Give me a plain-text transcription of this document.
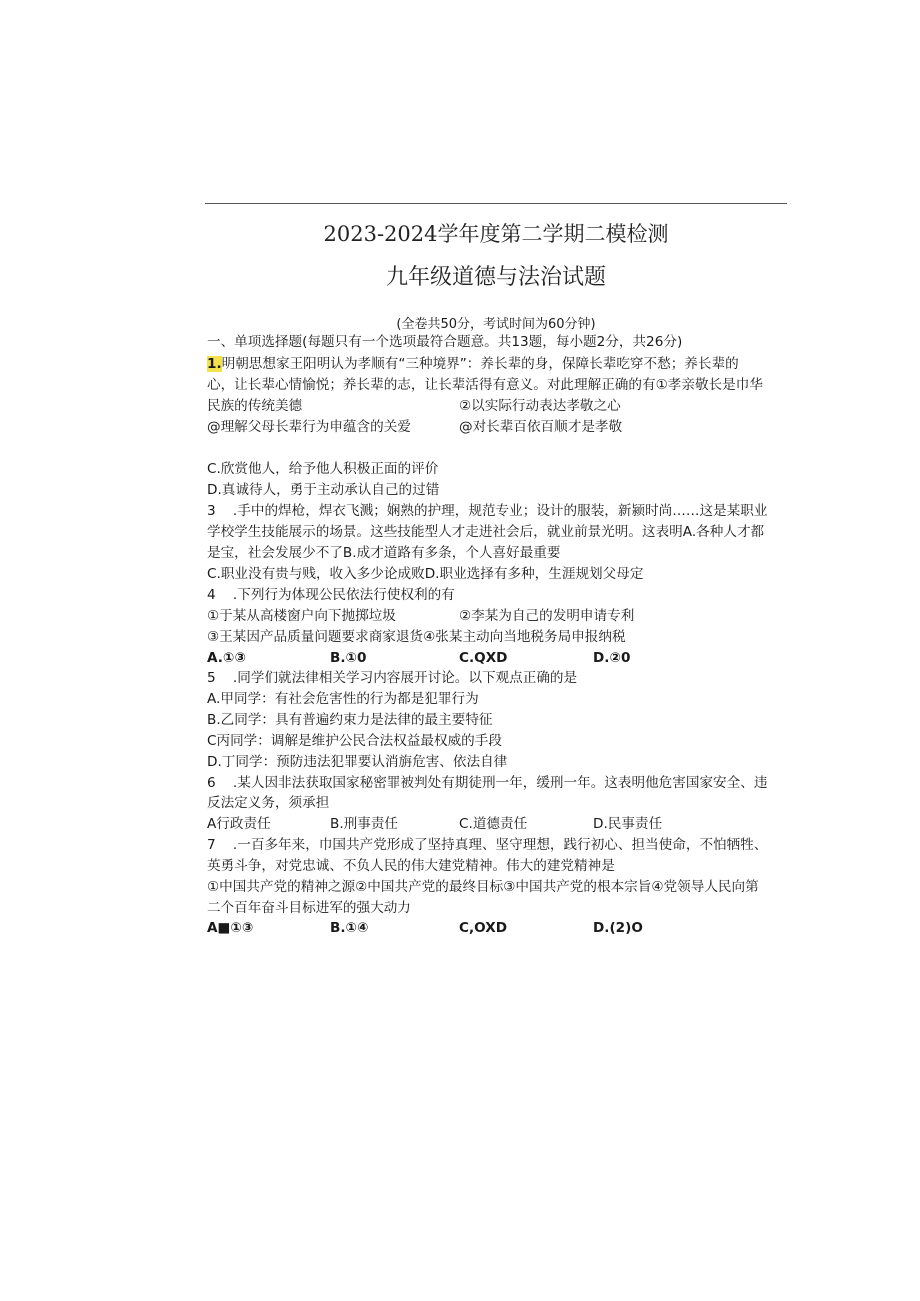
2023-2024学年度第二学期二模检测
九年级道德与法治试题
(全卷共50分，考试时间为60分钟)
一、单项选择题(每题只有一个选项最符合题意。共13题，每小题2分，共26分)
1.明朝思想家王阳明认为孝顺有“三种境界”：养长辈的身，保障长辈吃穿不愁；养长辈的
心，让长辈心情愉悦；养长辈的志，让长辈活得有意义。对此理解正确的有①孝亲敬长是巾华
民族的传统美德	②以实际行动表达孝敬之心
@理解父母长辈行为申蕴含的关爱	@对长辈百依百顺才是孝敬
C.欣赏他人，给予他人积极正面的评价
D.真诚待人，勇于主动承认自己的过错
3    .手中的焊枪，焊衣飞溅；娴熟的护理，规范专业；设计的服装，新颍时尚……这是某职业
学校学生技能展示的场景。这些技能型人才走进社会后，就业前景光明。这表明A.各种人才都
是宝，社会发展少不了B.成才道路有多条，个人喜好最重要
C.职业没有贵与贱，收入多少论成败D.职业选择有多种，生涯规划父母定
4    .下列行为体现公民依法行使权利的有
①于某从高楼窗户向下抛掷垃圾	②李某为自己的发明申请专利
③王某因产品质量问题要求商家退货④张某主动向当地税务局申报纳税
A.①③	B.①0	C.QXD	D.②0
5    .同学们就法律相关学习内容展开讨论。以下观点正确的是
A.甲同学：有社会危害性的行为都是犯罪行为
B.乙同学：具有普遍约束力是法律的最主要特征
C丙同学：调解是维护公民合法权益最权威的手段
D.丁同学：预防违法犯罪要认消旃危害、依法自律
6    .某人因非法获取国家秘密罪被判处有期徒刑一年，缓刑一年。这表明他危害国家安全、违
反法定义务，须承担
A行政责任	B.刑事责任	C.道德责任	D.民事责任
7    .一百多年来，巾国共产党形成了坚持真理、坚守理想，践行初心、担当使命，不怕牺牲、
英勇斗争，对党忠诚、不负人民的伟大建党精神。伟大的建党精神是
①中国共产党的精神之源②中国共产党的最终目标③中国共产党的根本宗旨④党领导人民向第
二个百年奋斗目标进军的强大动力
A■①③	B.①④	C,OXD	D.(2)O
